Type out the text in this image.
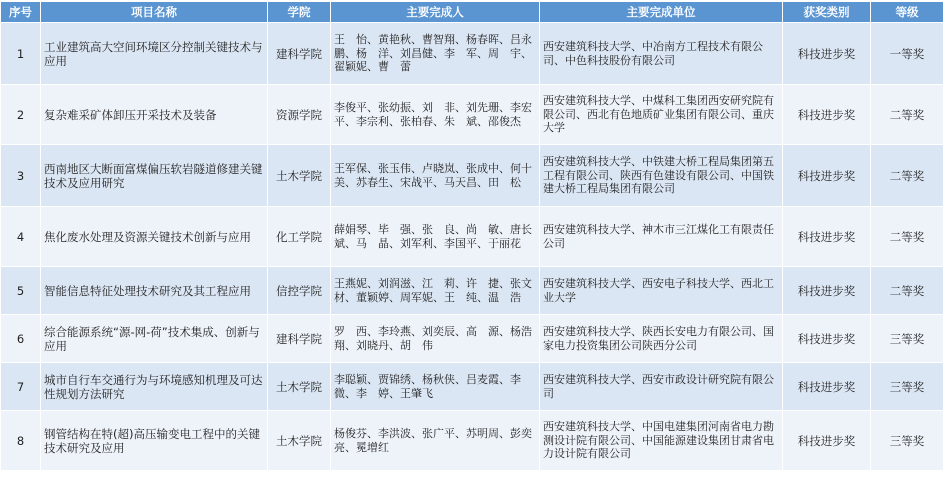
序号	项目名称	学院	主要完成人	主要完成单位	获奖类别	等级
1	工业建筑高大空间环境区分控制关键技术与应用	建科学院	王　怡、黄艳秋、曹智翔、杨春晖、吕永鹏、杨　洋、刘昌健、李　军、周　宇、翟颖妮、曹　蕾	西安建筑科技大学、中冶南方工程技术有限公司、中色科技股份有限公司	科技进步奖	一等奖
2	复杂难采矿体卸压开采技术及装备	资源学院	李俊平、张幼振、刘　非、刘先珊、李宏平、李宗利、张柏春、朱　斌、邵俊杰	西安建筑科技大学、中煤科工集团西安研究院有限公司、西北有色地质矿业集团有限公司、重庆大学	科技进步奖	二等奖
3	西南地区大断面富煤偏压软岩隧道修建关键技术及应用研究	土木学院	王军保、张玉伟、卢晓岚、张成中、何十美、苏春生、宋战平、马天昌、田　松	西安建筑科技大学、中铁建大桥工程局集团第五工程有限公司、陕西有色建设有限公司、中国铁建大桥工程局集团有限公司	科技进步奖	二等奖
4	焦化废水处理及资源关键技术创新与应用	化工学院	薛娟琴、毕　强、张　良、尚　敏、唐长斌、马　晶、刘军利、李国平、于丽花	西安建筑科技大学、神木市三江煤化工有限责任公司	科技进步奖	二等奖
5	智能信息特征处理技术研究及其工程应用	信控学院	王燕妮、刘润滋、江　莉、许　捷、张文材、董颖婷、周军妮、王　纯、温　浩	西安建筑科技大学、西安电子科技大学、西北工业大学	科技进步奖	二等奖
6	综合能源系统“源-网-荷”技术集成、创新与应用	建科学院	罗　西、李玲燕、刘奕辰、高　源、杨浩翔、刘晓丹、胡　伟	西安建筑科技大学、陕西长安电力有限公司、国家电力投资集团公司陕西分公司	科技进步奖	三等奖
7	城市自行车交通行为与环境感知机理及可达性规划方法研究	土木学院	李聪颖、贾锦绣、杨秋侠、吕麦霞、李　微、李　婷、王肇飞	西安建筑科技大学、西安市政设计研究院有限公司	科技进步奖	三等奖
8	钢管结构在特(超)高压输变电工程中的关键技术研究及应用	土木学院	杨俊芬、李洪波、张广平、苏明周、彭奕亮、冕增红	西安建筑科技大学、中国电建集团河南省电力勘测设计院有限公司、中国能源建设集团甘肃省电力设计院有限公司	科技进步奖	三等奖
